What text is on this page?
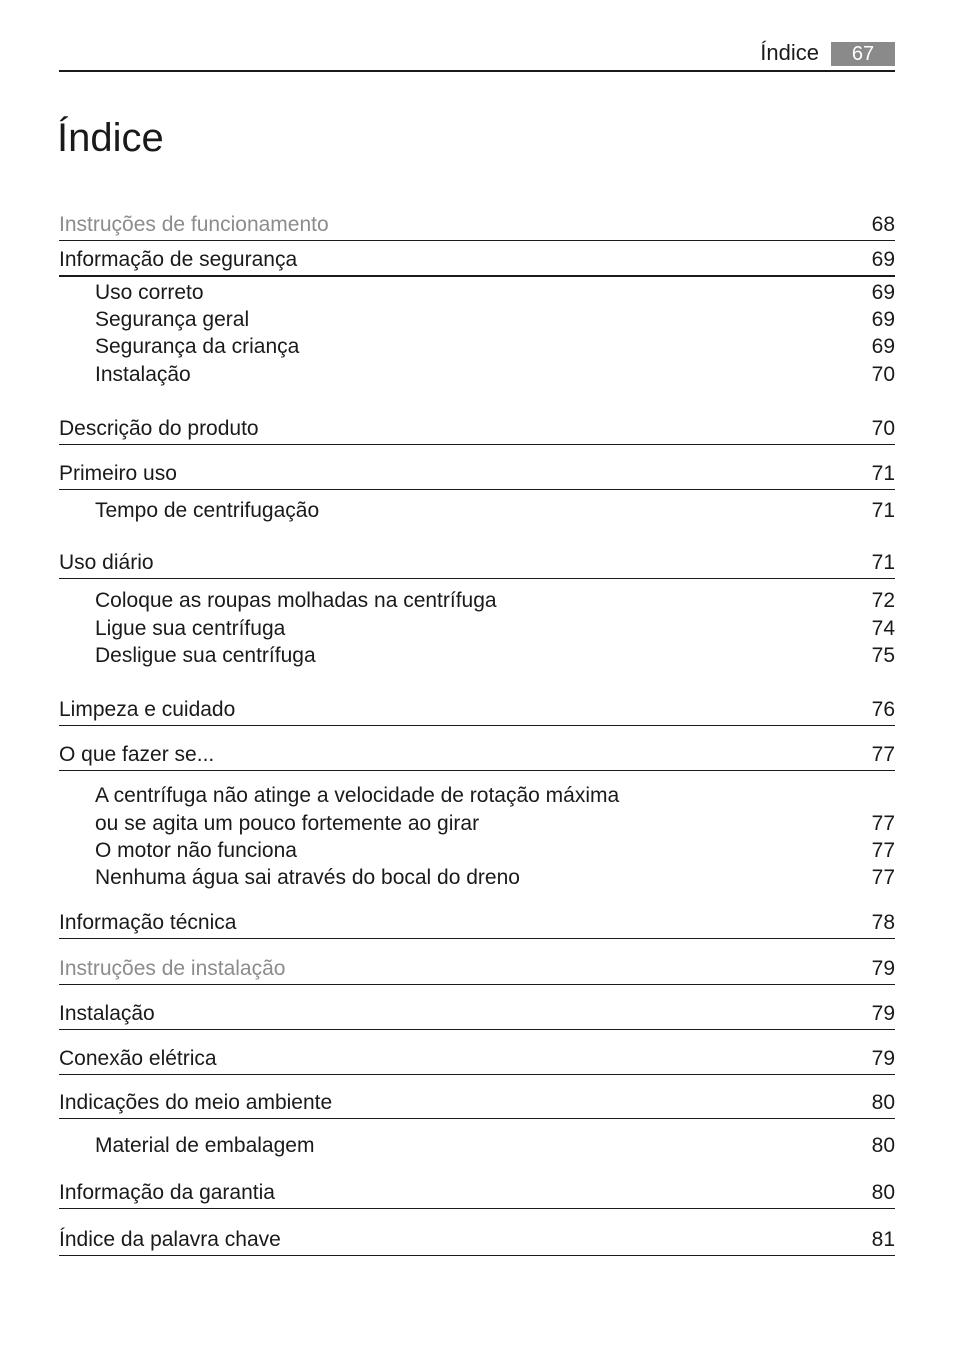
Índice	67
Índice
Instruções de funcionamento	68
Informação de segurança	69
Uso correto	69
Segurança geral	69
Segurança da criança	69
Instalação	70
Descrição do produto	70
Primeiro uso	71
Tempo de centrifugação	71
Uso diário	71
Coloque as roupas molhadas na centrífuga	72
Ligue sua centrífuga	74
Desligue sua centrífuga	75
Limpeza e cuidado	76
O que fazer se...	77
A centrífuga não atinge a velocidade de rotação máxima
ou se agita um pouco fortemente ao girar	77
O motor não funciona	77
Nenhuma água sai através do bocal do dreno	77
Informação técnica	78
Instruções de instalação	79
Instalação	79
Conexão elétrica	79
Indicações do meio ambiente	80
Material de embalagem	80
Informação da garantia	80
Índice da palavra chave	81
